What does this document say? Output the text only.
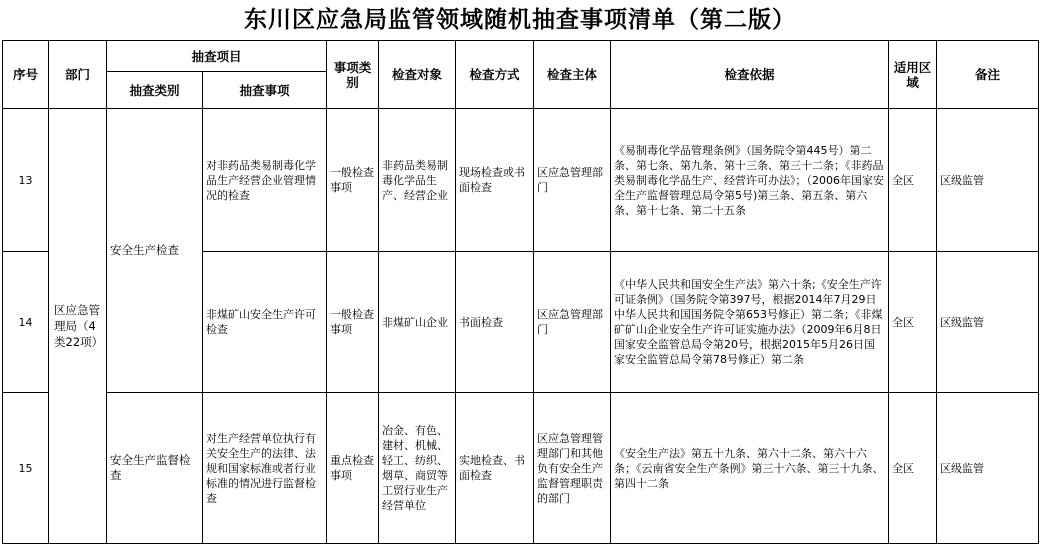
东川区应急局监管领域随机抽查事项清单（第二版）
序号	部门	抽查项目		事项类别	检查对象	检查方式	检查主体	检查依据	适用区域	备注
		抽查类别	抽查事项							
13	区应急管理局（4类22项）	安全生产检查	对非药品类易制毒化学品生产经营企业管理情况的检查	一般检查事项	非药品类易制毒化学品生产、经营企业	现场检查或书面检查	区应急管理部门	《易制毒化学品管理条例》（国务院令第445号）第二条、第七条、第九条、第十三条、第三十二条；《非药品类易制毒化学品生产、经营许可办法》；（2006年国家安全生产监督管理总局令第5号)第三条、第五条、第六条、第十七条、第二十五条	全区	区级监管
14			非煤矿山安全生产许可检查	一般检查事项	非煤矿山企业	书面检查	区应急管理部门	《中华人民共和国安全生产法》第六十条;《安全生产许可证条例》（国务院令第397号，根据2014年7月29日中华人民共和国国务院令第653号修正）第二条；《非煤矿矿山企业安全生产许可证实施办法》（2009年6月8日国家安全监管总局令第20号，根据2015年5月26日国家安全监管总局令第78号修正）第二条	全区	区级监管
15		安全生产监督检查	对生产经营单位执行有关安全生产的法律、法规和国家标准或者行业标准的情况进行监督检查	重点检查事项	冶金、有色、建材、机械、轻工、纺织、烟草、商贸等工贸行业生产经营单位	实地检查、书面检查	区应急管理管理部门和其他负有安全生产监督管理职责的部门	《安全生产法》第五十九条、第六十二条、第六十六条；《云南省安全生产条例》第三十六条、第三十九条、第四十二条	全区	区级监管
